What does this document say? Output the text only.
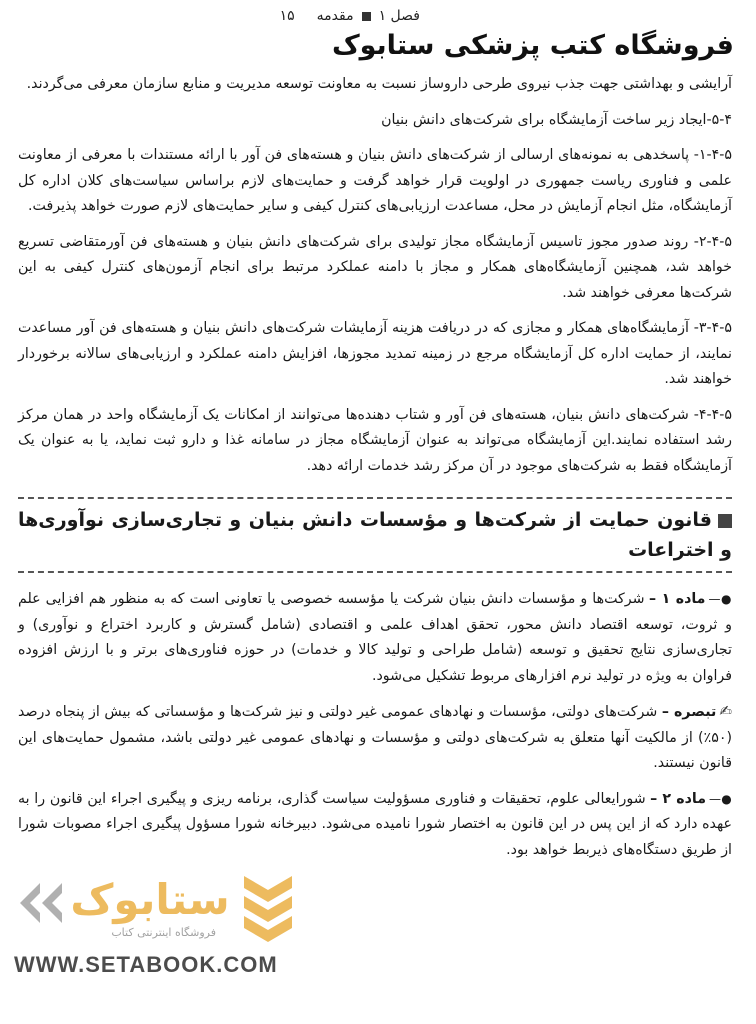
فصل ۱
مقدمه
۱۵
فروشگاه کتب پزشکی ستابوک

آرایشی و بهداشتی جهت جذب نیروی طرحی داروساز نسبت به معاونت توسعه مدیریت و منابع سازمان معرفی می‌گردند.

۵-۴-ایجاد زیر ساخت آزمایشگاه برای شرکت‌های دانش بنیان

۱-۴-۵- پاسخدهی به نمونه‌های ارسالی از شرکت‌های دانش بنیان و هسته‌های فن آور با ارائه مستندات با معرفی از معاونت علمی و فناوری ریاست جمهوری در اولویت قرار خواهد گرفت و حمایت‌های لازم براساس سیاست‌های کلان اداره کل آزمایشگاه، مثل انجام آزمایش در محل، مساعدت ارزیابی‌های کنترل کیفی و سایر حمایت‌های لازم صورت خواهد پذیرفت.

۲-۴-۵- روند صدور مجوز تاسیس آزمایشگاه مجاز تولیدی برای شرکت‌های دانش بنیان و هسته‌های فن آورمتقاضی تسریع خواهد شد، همچنین آزمایشگاه‌های همکار و مجاز با دامنه عملکرد مرتبط برای انجام آزمون‌های کنترل کیفی به این شرکت‌ها معرفی خواهند شد.

۳-۴-۵- آزمایشگاه‌های همکار و مجازی که در دریافت هزینه آزمایشات شرکت‌های دانش بنیان و هسته‌های فن آور مساعدت نمایند، از حمایت اداره کل آزمایشگاه مرجع در زمینه تمدید مجوزها، افزایش دامنه عملکرد و ارزیابی‌های سالانه برخوردار خواهند شد.

۴-۴-۵- شرکت‌های دانش بنیان، هسته‌های فن آور و شتاب دهنده‌ها می‌توانند از امکانات یک آزمایشگاه واحد در همان مرکز رشد استفاده نمایند.این آزمایشگاه می‌تواند به عنوان آزمایشگاه مجاز در سامانه غذا و دارو ثبت نماید، یا به عنوان یک آزمایشگاه فقط به شرکت‌های موجود در آن مرکز رشد خدمات ارائه دهد.

قانون حمایت از شرکت‌ها و مؤسسات دانش بنیان و تجاری‌سازی نوآوری‌ها و اختراعات

●—ماده ۱ – شرکت‌ها و مؤسسات دانش بنیان شرکت یا مؤسسه خصوصی یا تعاونی است که به منظور هم افزایی علم و ثروت، توسعه اقتصاد دانش محور، تحقق اهداف علمی و اقتصادی (شامل گسترش و کاربرد اختراع و نوآوری) و تجاری‌سازی نتایج تحقیق و توسعه (شامل طراحی و تولید کالا و خدمات) در حوزه فناوری‌های برتر و با ارزش افزوده فراوان به ویژه در تولید نرم افزارهای مربوط تشکیل می‌شود.

✍تبصره – شرکت‌های دولتی، مؤسسات و نهادهای عمومی غیر دولتی و نیز شرکت‌ها و مؤسساتی که بیش از پنجاه درصد (۵۰٪) از مالکیت آنها متعلق به شرکت‌های دولتی و مؤسسات و نهادهای عمومی غیر دولتی باشد، مشمول حمایت‌های این قانون نیستند.

●—ماده ۲ – شورایعالی علوم، تحقیقات و فناوری مسؤولیت سیاست گذاری، برنامه ریزی و پیگیری اجراء این قانون را به عهده دارد که از این پس در این قانون به اختصار شورا نامیده می‌شود. دبیرخانه شورا مسؤول پیگیری اجراء مصوبات شورا از طریق دستگاه‌های ذیربط خواهد بود.

ستابوک
فروشگاه اینترنتی کتاب
WWW.SETABOOK.COM
